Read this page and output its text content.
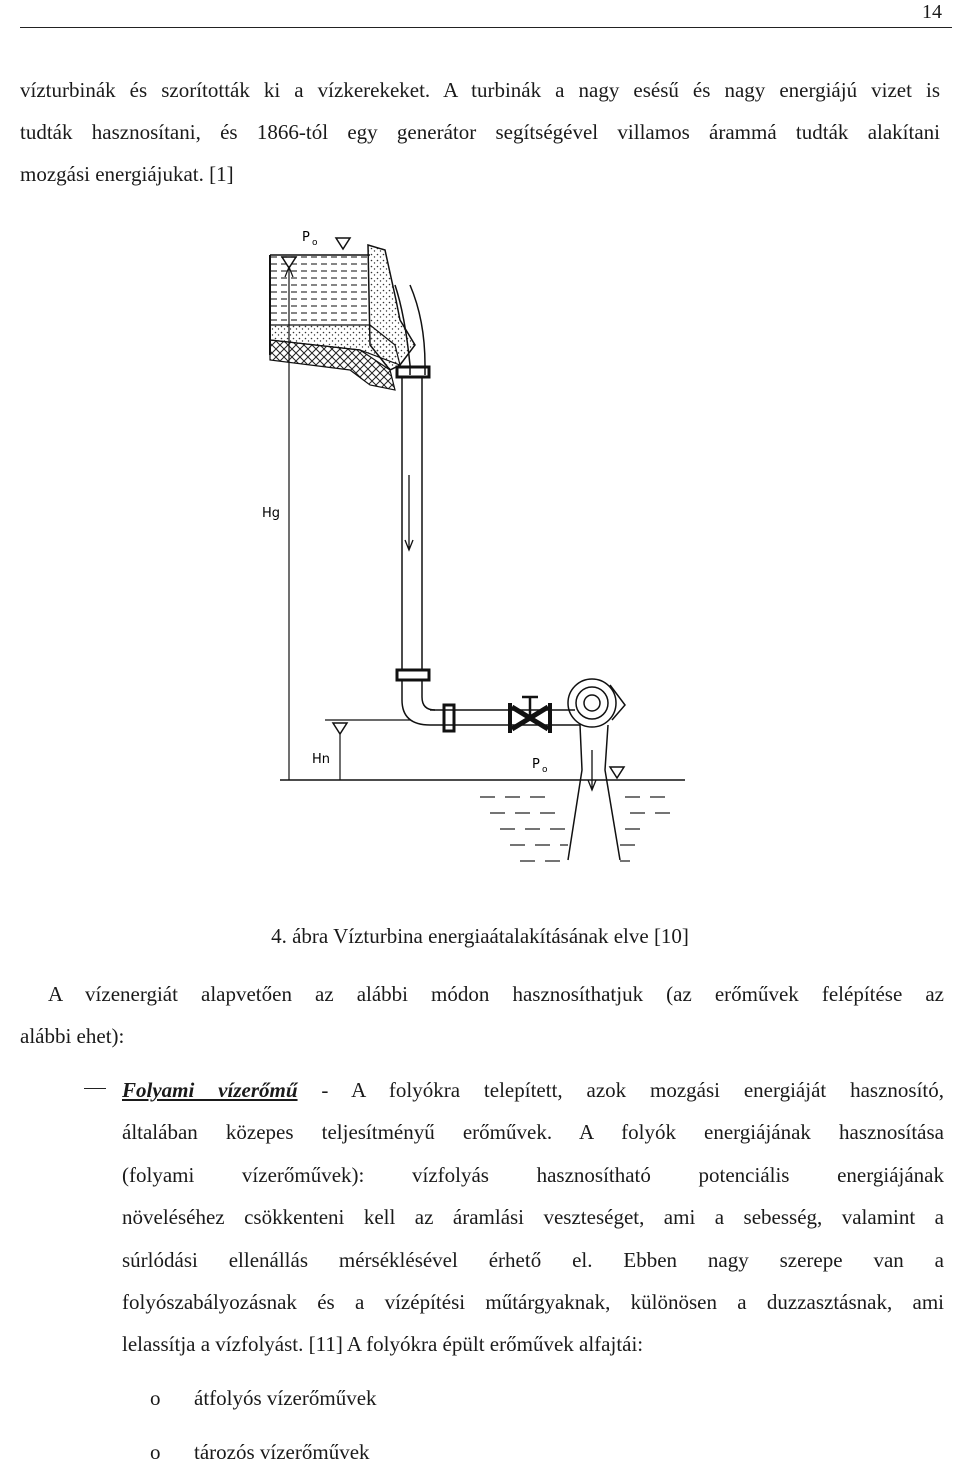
14
vízturbinák és szorították ki a vízkerekeket. A turbinák a nagy esésű és nagy energiájú vizet is
tudták hasznosítani, és 1866-tól egy generátor segítségével villamos árammá tudták alakítani
mozgási energiájukat. [1]
P o
Hg
Hn	P o
4. ábra Vízturbina energiaátalakításának elve [10]
A vízenergiát alapvetően az alábbi módon hasznosíthatjuk (az erőművek felépítése az
alábbi ehet):
Folyami vízerőmű - A folyókra telepített, azok mozgási energiáját hasznosító,
általában közepes teljesítményű erőművek. A folyók energiájának hasznosítása
(folyami vízerőművek): vízfolyás hasznosítható potenciális energiájának
növeléséhez csökkenteni kell az áramlási veszteséget, ami a sebesség, valamint a
súrlódási ellenállás mérséklésével érhető el. Ebben nagy szerepe van a
folyószabályozásnak és a vízépítési műtárgyaknak, különösen a duzzasztásnak, ami
lelassítja a vízfolyást. [11] A folyókra épült erőművek alfajtái:
o átfolyós vízerőművek
o tározós vízerőművek
